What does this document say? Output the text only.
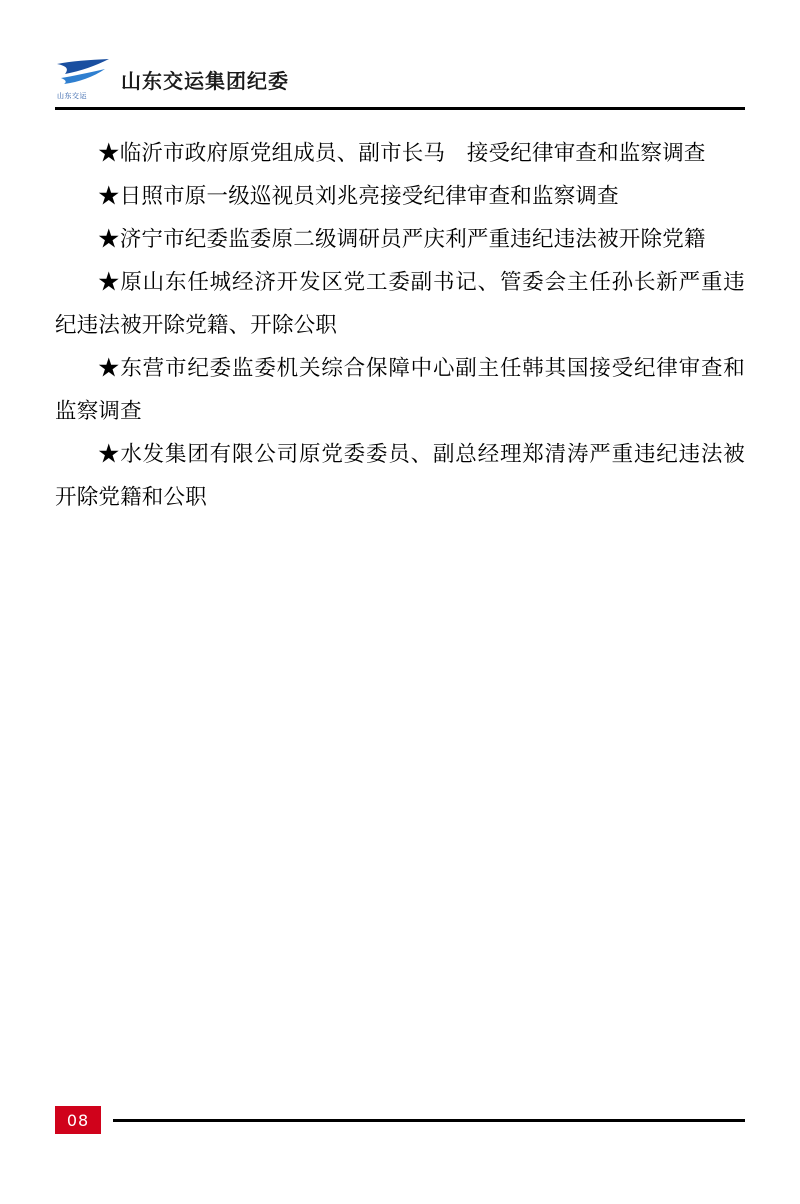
山东交运
山东交运集团纪委

★临沂市政府原党组成员、副市长马　接受纪律审查和监察调查

★日照市原一级巡视员刘兆亮接受纪律审查和监察调查

★济宁市纪委监委原二级调研员严庆利严重违纪违法被开除党籍

★原山东任城经济开发区党工委副书记、管委会主任孙长新严重违纪违法被开除党籍、开除公职

★东营市纪委监委机关综合保障中心副主任韩其国接受纪律审查和监察调查

★水发集团有限公司原党委委员、副总经理郑清涛严重违纪违法被开除党籍和公职

08
